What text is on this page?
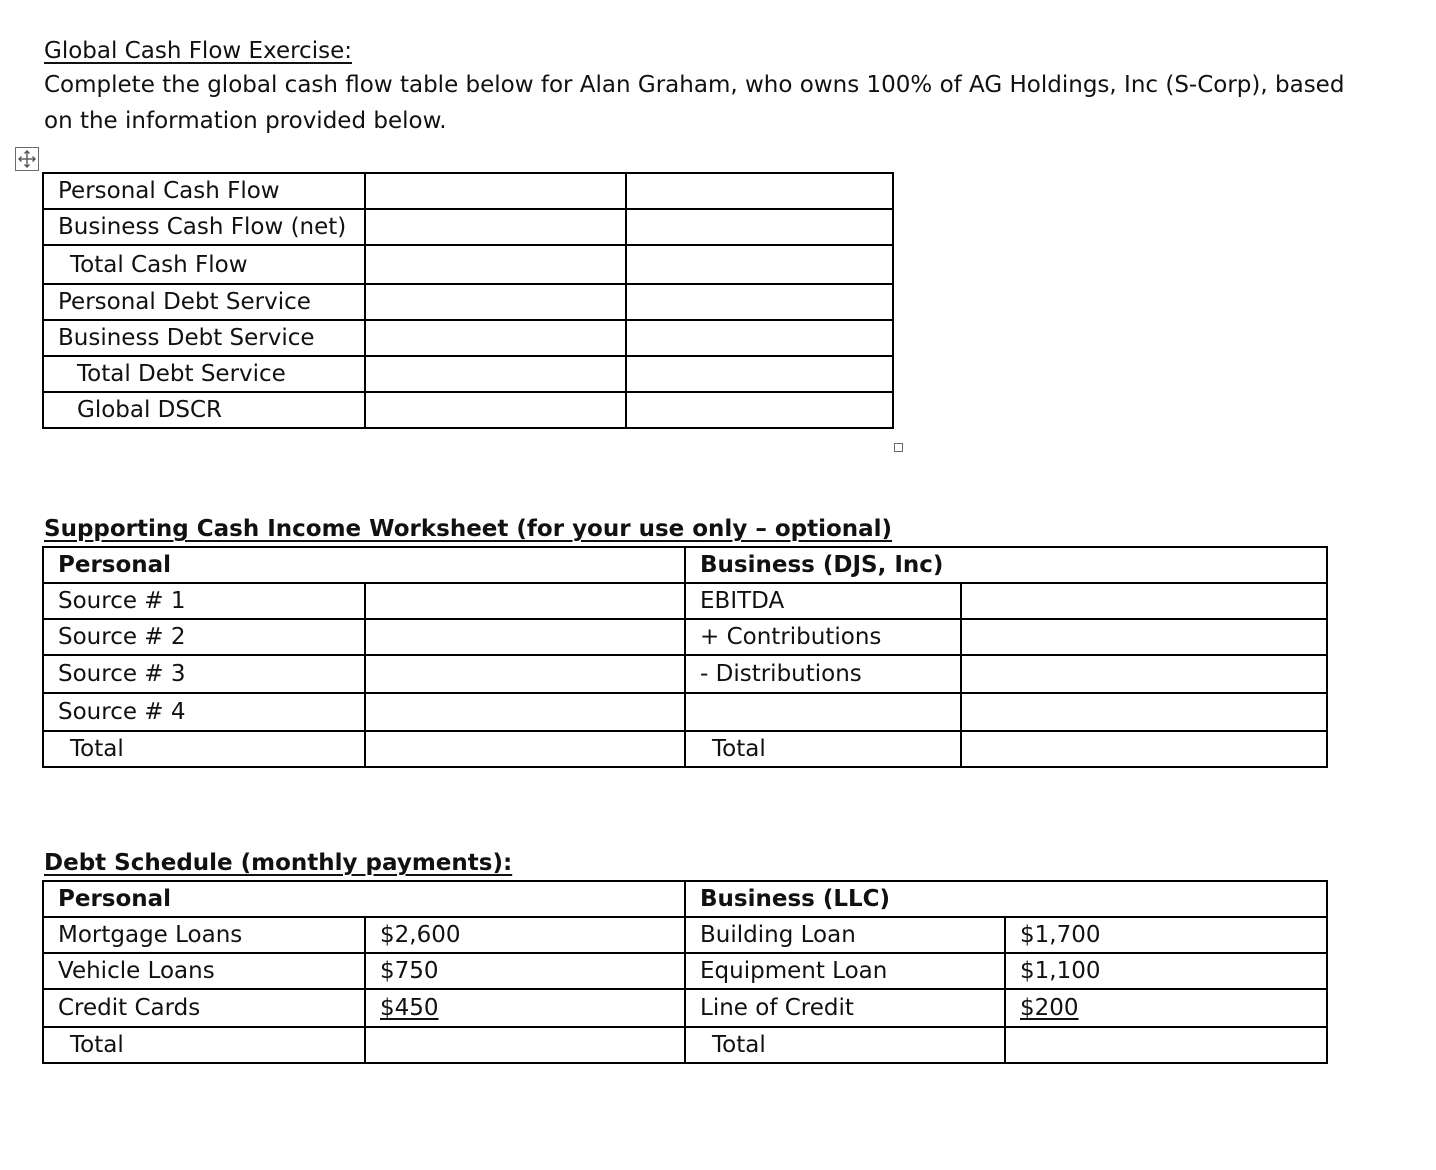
Global Cash Flow Exercise:
Complete the global cash flow table below for Alan Graham, who owns 100% of AG Holdings, Inc (S-Corp), based
on the information provided below.
Personal Cash Flow		
Business Cash Flow (net)		
Total Cash Flow		
Personal Debt Service		
Business Debt Service		
Total Debt Service		
Global DSCR		
Supporting Cash Income Worksheet (for your use only – optional)
Personal		Business (DJS, Inc)	
Source # 1		EBITDA	
Source # 2		+ Contributions	
Source # 3		- Distributions	
Source # 4			
Total		Total	
Debt Schedule (monthly payments):
Personal		Business (LLC)	
Mortgage Loans	$2,600	Building Loan	$1,700
Vehicle Loans	$750	Equipment Loan	$1,100
Credit Cards	$450	Line of Credit	$200
Total		Total	
